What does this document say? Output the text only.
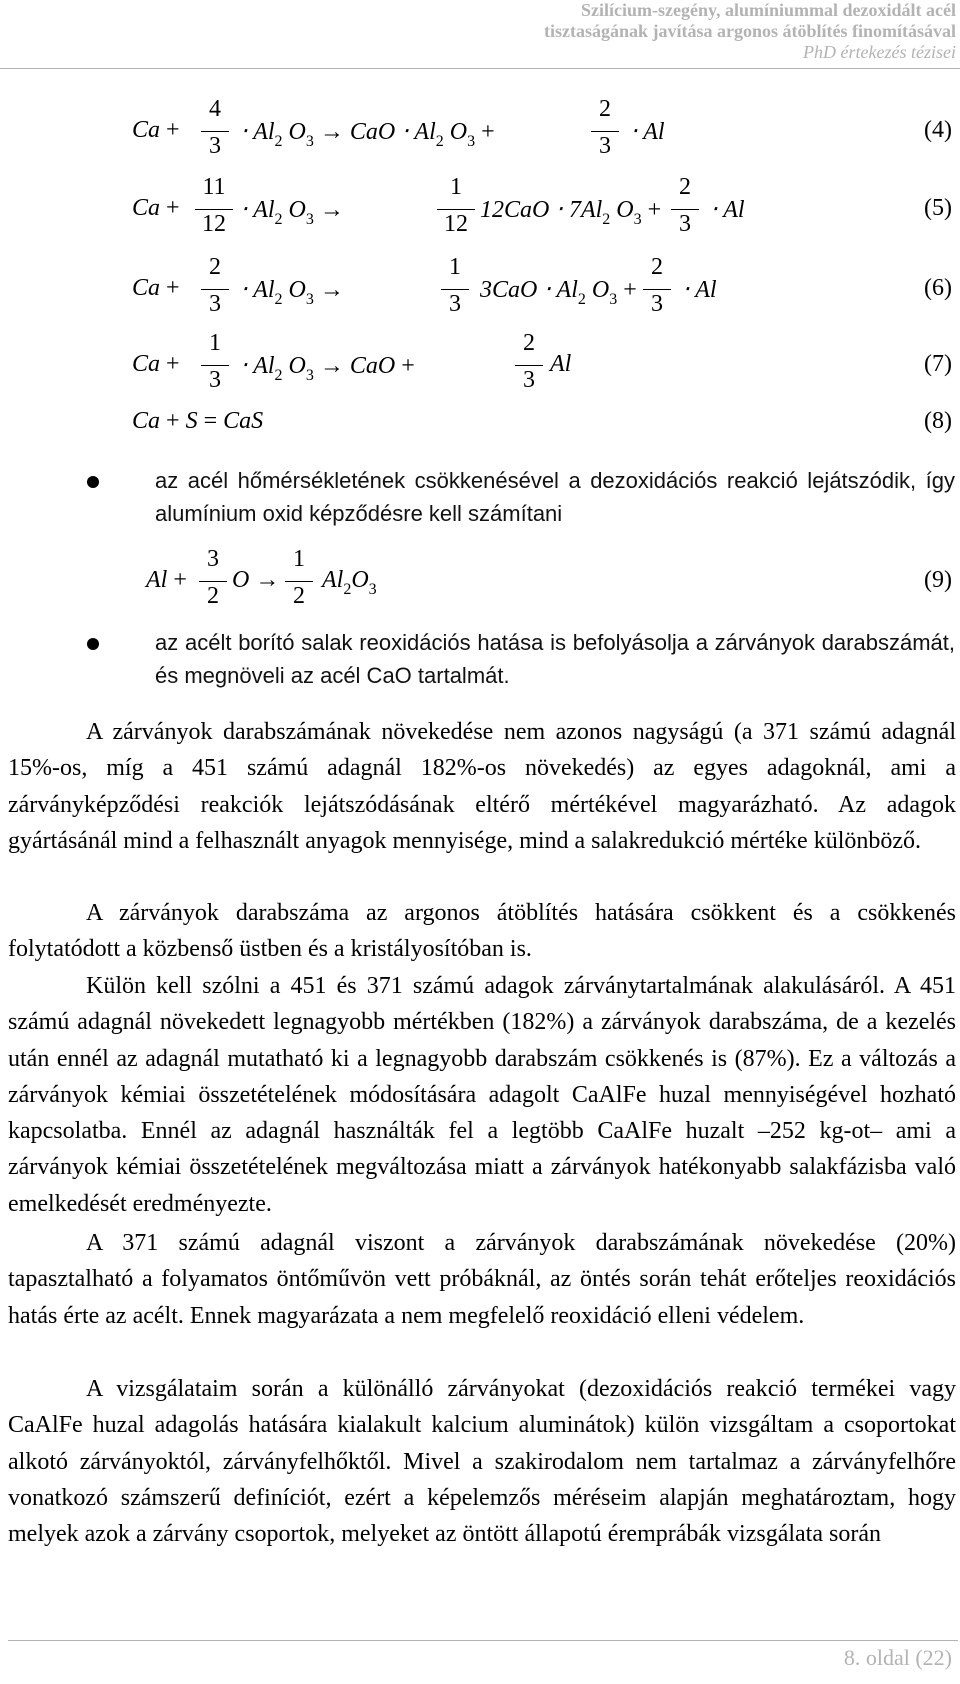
Szilícium-szegény, alumíniummal dezoxidált acél
tisztaságának javítása argonos átöblítés finomításával
PhD értekezés tézisei
Ca +
4
3
⋅ $Al_2$ $O_3$ → CaO ⋅ $Al_2$ $O_3$ +
2
3
⋅ Al	(4)
Ca +
11
12
⋅ $Al_2$ $O_3$ →
1
12
$12CaO \cdot 7Al_2$ $O_3$ +
2
3
⋅ Al	(5)
Ca +
2
3
⋅ $Al_2$ $O_3$ →
1
3
$3CaO \cdot Al_2$ $O_3$ +
2
3
⋅ Al	(6)
Ca +
1
3
⋅ $Al_2$ $O_3$ → CaO +
2
3
Al	(7)
Ca + S = CaS	(8)
az acél hőmérsékletének csökkenésével a dezoxidációs reakció lejátszódik, így alumínium oxid képződésre kell számítani
Al +
3
2
O →
1
2
$Al_2O_3$	(9)
az acélt borító salak reoxidációs hatása is befolyásolja a zárványok darabszámát, és megnöveli az acél CaO tartalmát.
A zárványok darabszámának növekedése nem azonos nagyságú (a 371 számú adagnál 15%-os, míg a 451 számú adagnál 182%-os növekedés) az egyes adagoknál, ami a zárványképződési reakciók lejátszódásának eltérő mértékével magyarázható. Az adagok gyártásánál mind a felhasznált anyagok mennyisége, mind a salakredukció mértéke különböző.
A zárványok darabszáma az argonos átöblítés hatására csökkent és a csökkenés folytatódott a közbenső üstben és a kristályosítóban is.
Külön kell szólni a 451 és 371 számú adagok zárványtartalmának alakulásáról. A 451 számú adagnál növekedett legnagyobb mértékben (182%) a zárványok darabszáma, de a kezelés után ennél az adagnál mutatható ki a legnagyobb darabszám csökkenés is (87%). Ez a változás a zárványok kémiai összetételének módosítására adagolt CaAlFe huzal mennyiségével hozható kapcsolatba. Ennél az adagnál használták fel a legtöbb CaAlFe huzalt –252 kg-ot– ami a zárványok kémiai összetételének megváltozása miatt a zárványok hatékonyabb salakfázisba való emelkedését eredményezte.
A 371 számú adagnál viszont a zárványok darabszámának növekedése (20%) tapasztalható a folyamatos öntőművön vett próbáknál, az öntés során tehát erőteljes reoxidációs hatás érte az acélt. Ennek magyarázata a nem megfelelő reoxidáció elleni védelem.
A vizsgálataim során a különálló zárványokat (dezoxidációs reakció termékei vagy CaAlFe huzal adagolás hatására kialakult kalcium aluminátok) külön vizsgáltam a csoportokat alkotó zárványoktól, zárványfelhőktől. Mivel a szakirodalom nem tartalmaz a zárványfelhőre vonatkozó számszerű definíciót, ezért a képelemzős méréseim alapján meghatároztam, hogy melyek azok a zárvány csoportok, melyeket az öntött állapotú éremprábák vizsgálata során
8. oldal (22)
